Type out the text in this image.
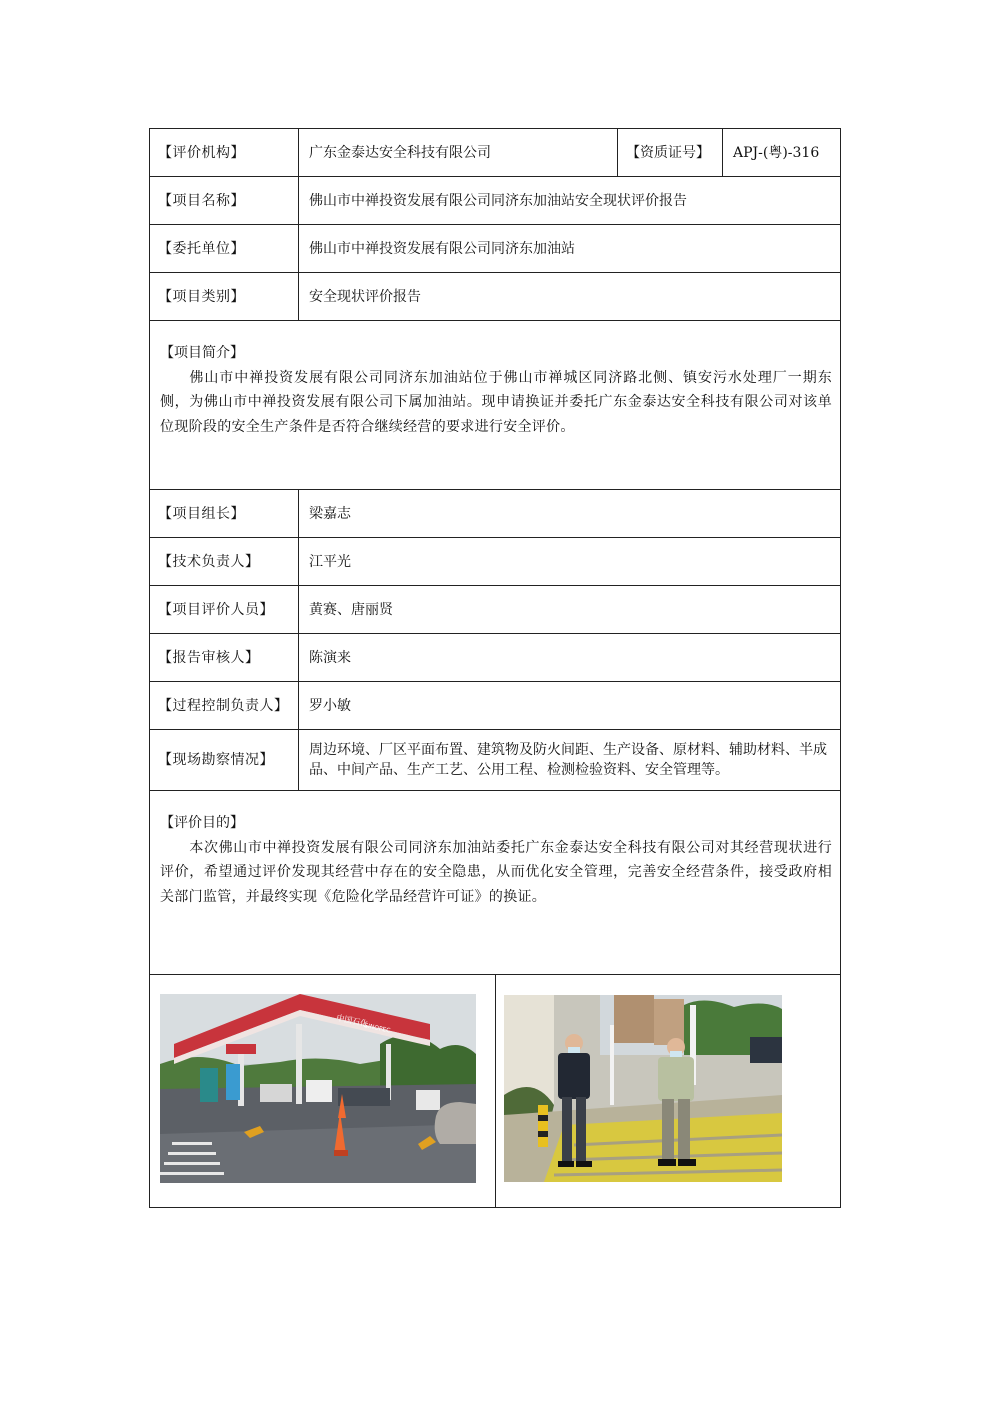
【评价机构】	广东金泰达安全科技有限公司	【资质证号】	APJ-(粤)-316
【项目名称】	佛山市中禅投资发展有限公司同济东加油站安全现状评价报告
【委托单位】	佛山市中禅投资发展有限公司同济东加油站
【项目类别】	安全现状评价报告
【项目简介】
佛山市中禅投资发展有限公司同济东加油站位于佛山市禅城区同济路北侧、镇安污水处理厂一期东侧，为佛山市中禅投资发展有限公司下属加油站。现申请换证并委托广东金泰达安全科技有限公司对该单位现阶段的安全生产条件是否符合继续经营的要求进行安全评价。
【项目组长】	梁嘉志
【技术负责人】	江平光
【项目评价人员】	黄赛、唐丽贤
【报告审核人】	陈演来
【过程控制负责人】	罗小敏
【现场勘察情况】
周边环境、厂区平面布置、建筑物及防火间距、生产设备、原材料、辅助材料、半成品、中间产品、生产工艺、公用工程、检测检验资料、安全管理等。
【评价目的】
本次佛山市中禅投资发展有限公司同济东加油站委托广东金泰达安全科技有限公司对其经营现状进行评价，希望通过评价发现其经营中存在的安全隐患，从而优化安全管理，完善安全经营条件，接受政府相关部门监管，并最终实现《危险化学品经营许可证》的换证。
中国石化
SINOPEC
